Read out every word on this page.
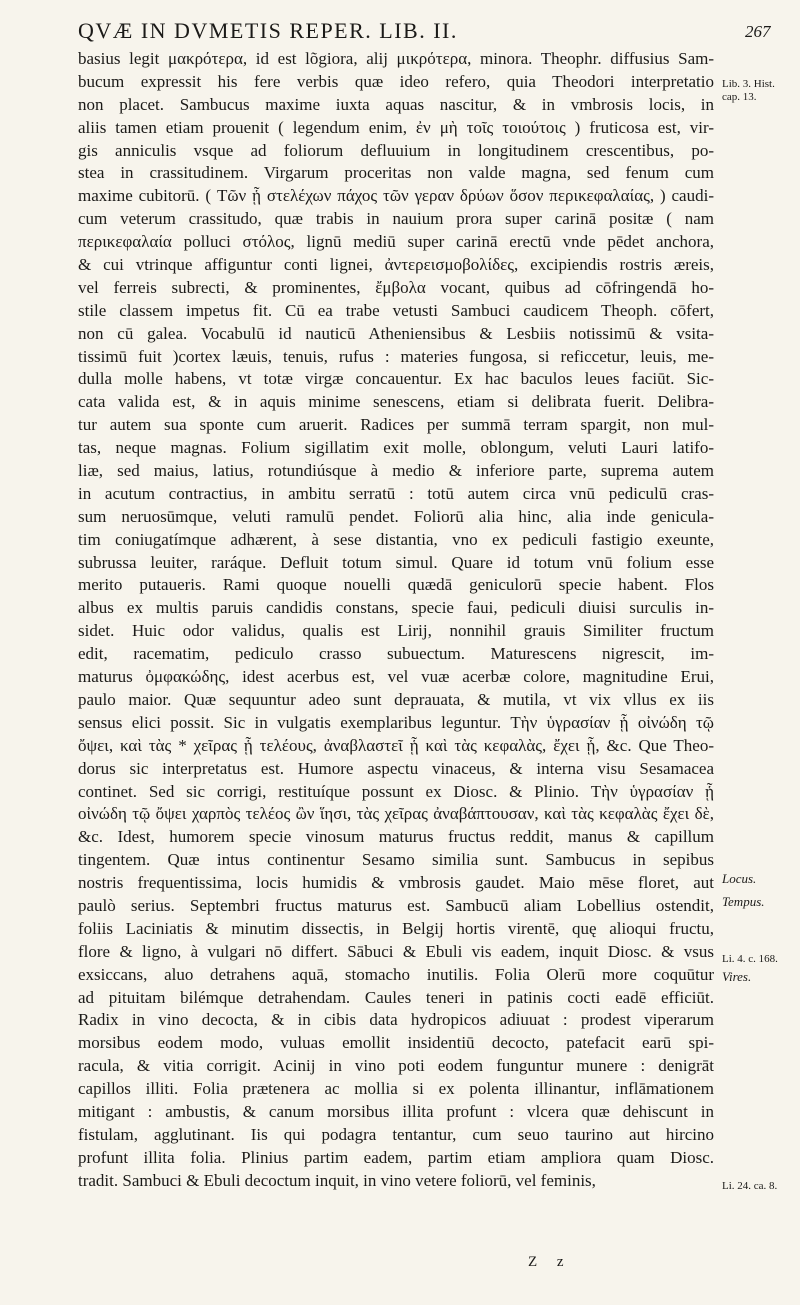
QVÆ IN DVMETIS REPER. LIB. II.	267
basius legit μακρότερα, id est lõgiora, alij μικρότερα, minora. Theophr. diffusius Sam-
bucum expressit his fere verbis quæ ideo refero, quia Theodori interpretatio
non placet. Sambucus maxime iuxta aquas nascitur, & in vmbrosis locis, in
aliis tamen etiam prouenit ( legendum enim, ἐν μὴ τοῖς τοιούτοις ) fruticosa est, vir-
gis anniculis vsque ad foliorum defluuium in longitudinem crescentibus, po-
stea in crassitudinem. Virgarum proceritas non valde magna, sed fenum cum
maxime cubitorū. ( Τῶν ᾗ στελέχων πάχος τῶν γεραν δρύων ὅσον περικεφαλαίας, ) caudi-
cum veterum crassitudo, quæ trabis in nauium prora super carinā positæ ( nam
περικεφαλαία polluci στόλος, lignū mediū super carinā erectū vnde pēdet anchora,
& cui vtrinque affiguntur conti lignei, ἀντερεισμοβολίδες, excipiendis rostris æreis,
vel ferreis subrecti, & prominentes, ἔμβολα vocant, quibus ad cōfringendā ho-
stile classem impetus fit. Cū ea trabe vetusti Sambuci caudicem Theoph. cōfert,
non cū galea. Vocabulū id nauticū Atheniensibus & Lesbiis notissimū & vsita-
tissimū fuit )cortex læuis, tenuis, rufus : materies fungosa, si reficcetur, leuis, me-
dulla molle habens, vt totæ virgæ concauentur. Ex hac baculos leues faciūt. Sic-
cata valida est, & in aquis minime senescens, etiam si delibrata fuerit. Delibra-
tur autem sua sponte cum aruerit. Radices per summā terram spargit, non mul-
tas, neque magnas. Folium sigillatim exit molle, oblongum, veluti Lauri latifo-
liæ, sed maius, latius, rotundiúsque à medio & inferiore parte, suprema autem
in acutum contractius, in ambitu serratū : totū autem circa vnū pediculū cras-
sum neruosūmque, veluti ramulū pendet. Foliorū alia hinc, alia inde genicula-
tim coniugatímque adhærent, à sese distantia, vno ex pediculi fastigio exeunte,
subrussa leuiter, raráque. Defluit totum simul. Quare id totum vnū folium esse
merito putaueris. Rami quoque nouelli quædā geniculorū specie habent. Flos
albus ex multis paruis candidis constans, specie faui, pediculi diuisi surculis in-
sidet. Huic odor validus, qualis est Lirij, nonnihil grauis Similiter fructum
edit, racematim, pediculo crasso subuectum. Maturescens nigrescit, im-
maturus ὀμφακώδης, idest acerbus est, vel vuæ acerbæ colore, magnitudine Erui,
paulo maior. Quæ sequuntur adeo sunt deprauata, & mutila, vt vix vllus ex iis
sensus elici possit. Sic in vulgatis exemplaribus leguntur. Τὴν ὑγρασίαν ᾗ οἰνώδη τῷ
ὄψει, καὶ τὰς * χεῖρας ᾗ τελέους, ἀναβλαστεῖ ᾗ καὶ τὰς κεφαλὰς, ἔχει ᾗ, &c. Que Theo-
dorus sic interpretatus est. Humore aspectu vinaceus, & interna visu Sesamacea
continet. Sed sic corrigi, restituíque possunt ex Diosc. & Plinio. Τὴν ὑγρασίαν ᾗ
οἰνώδη τῷ ὄψει χαρπὸς τελέος ὢν ἵησι, τὰς χεῖρας ἀναβάπτουσαν, καὶ τὰς κεφαλὰς ἔχει δὲ,
&c. Idest, humorem specie vinosum maturus fructus reddit, manus & capillum
tingentem. Quæ intus continentur Sesamo similia sunt. Sambucus in sepibus
nostris frequentissima, locis humidis & vmbrosis gaudet. Maio mēse floret, aut
paulò serius. Septembri fructus maturus est. Sambucū aliam Lobellius ostendit,
foliis Laciniatis & minutim dissectis, in Belgij hortis virentē, quę alioqui fructu,
flore & ligno, à vulgari nō differt. Sābuci & Ebuli vis eadem, inquit Diosc. & vsus
exsiccans, aluo detrahens aquā, stomacho inutilis. Folia Olerū more coquūtur
ad pituitam bilémque detrahendam. Caules teneri in patinis cocti eadē efficiūt.
Radix in vino decocta, & in cibis data hydropicos adiuuat : prodest viperarum
morsibus eodem modo, vuluas emollit insidentiū decocto, patefacit earū spi-
racula, & vitia corrigit. Acinij in vino poti eodem funguntur munere : denigrāt
capillos illiti. Folia prætenera ac mollia si ex polenta illinantur, inflāmationem
mitigant : ambustis, & canum morsibus illita profunt : vlcera quæ dehiscunt in
fistulam, agglutinant. Iis qui podagra tentantur, cum seuo taurino aut hircino
profunt illita folia. Plinius partim eadem, partim etiam ampliora quam Diosc.
tradit. Sambuci & Ebuli decoctum inquit, in vino vetere foliorū, vel feminis,
Lib. 3. Hist.
cap. 13.
Locus.
Tempus.
Li. 4. c. 168.
Vires.
Li. 24. ca. 8.
Z z
